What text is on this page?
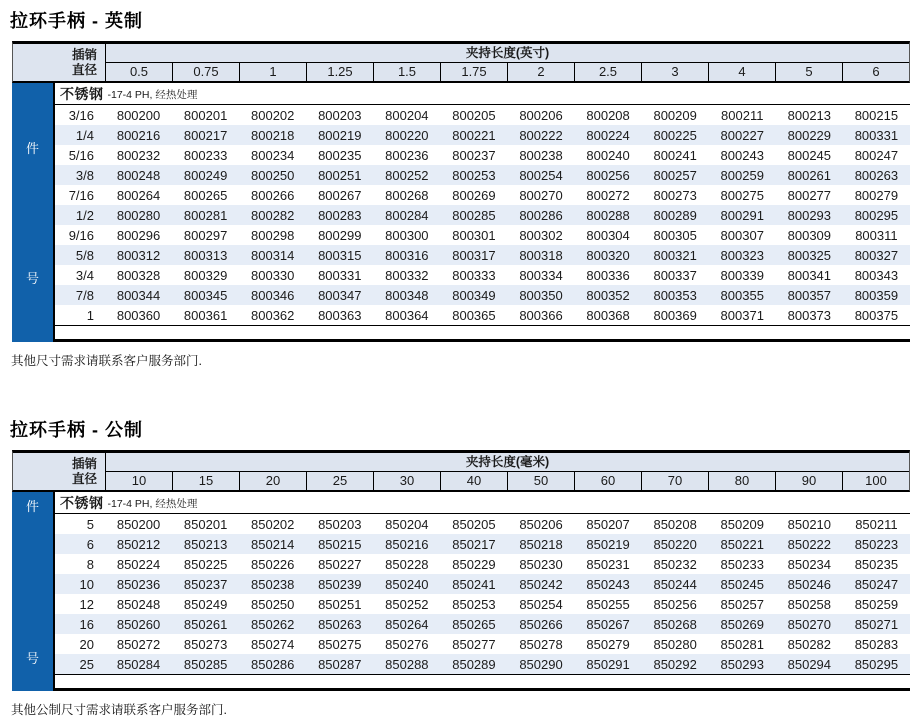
拉环手柄 - 英制
插销
直径
夹持长度(英寸)
0.5	0.75	1	1.25	1.5	1.75	2	2.5	3	4	5	6
件
号
不锈钢 -17-4 PH, 经热处理
3/16	800200	800201	800202	800203	800204	800205	800206	800208	800209	800211	800213	800215
1/4	800216	800217	800218	800219	800220	800221	800222	800224	800225	800227	800229	800331
5/16	800232	800233	800234	800235	800236	800237	800238	800240	800241	800243	800245	800247
3/8	800248	800249	800250	800251	800252	800253	800254	800256	800257	800259	800261	800263
7/16	800264	800265	800266	800267	800268	800269	800270	800272	800273	800275	800277	800279
1/2	800280	800281	800282	800283	800284	800285	800286	800288	800289	800291	800293	800295
9/16	800296	800297	800298	800299	800300	800301	800302	800304	800305	800307	800309	800311
5/8	800312	800313	800314	800315	800316	800317	800318	800320	800321	800323	800325	800327
3/4	800328	800329	800330	800331	800332	800333	800334	800336	800337	800339	800341	800343
7/8	800344	800345	800346	800347	800348	800349	800350	800352	800353	800355	800357	800359
1	800360	800361	800362	800363	800364	800365	800366	800368	800369	800371	800373	800375

其他尺寸需求请联系客户服务部门.

拉环手柄 - 公制
插销
直径
夹持长度(毫米)
10	15	20	25	30	40	50	60	70	80	90	100
件
号
不锈钢 -17-4 PH, 经热处理
5	850200	850201	850202	850203	850204	850205	850206	850207	850208	850209	850210	850211
6	850212	850213	850214	850215	850216	850217	850218	850219	850220	850221	850222	850223
8	850224	850225	850226	850227	850228	850229	850230	850231	850232	850233	850234	850235
10	850236	850237	850238	850239	850240	850241	850242	850243	850244	850245	850246	850247
12	850248	850249	850250	850251	850252	850253	850254	850255	850256	850257	850258	850259
16	850260	850261	850262	850263	850264	850265	850266	850267	850268	850269	850270	850271
20	850272	850273	850274	850275	850276	850277	850278	850279	850280	850281	850282	850283
25	850284	850285	850286	850287	850288	850289	850290	850291	850292	850293	850294	850295

其他公制尺寸需求请联系客户服务部门.
